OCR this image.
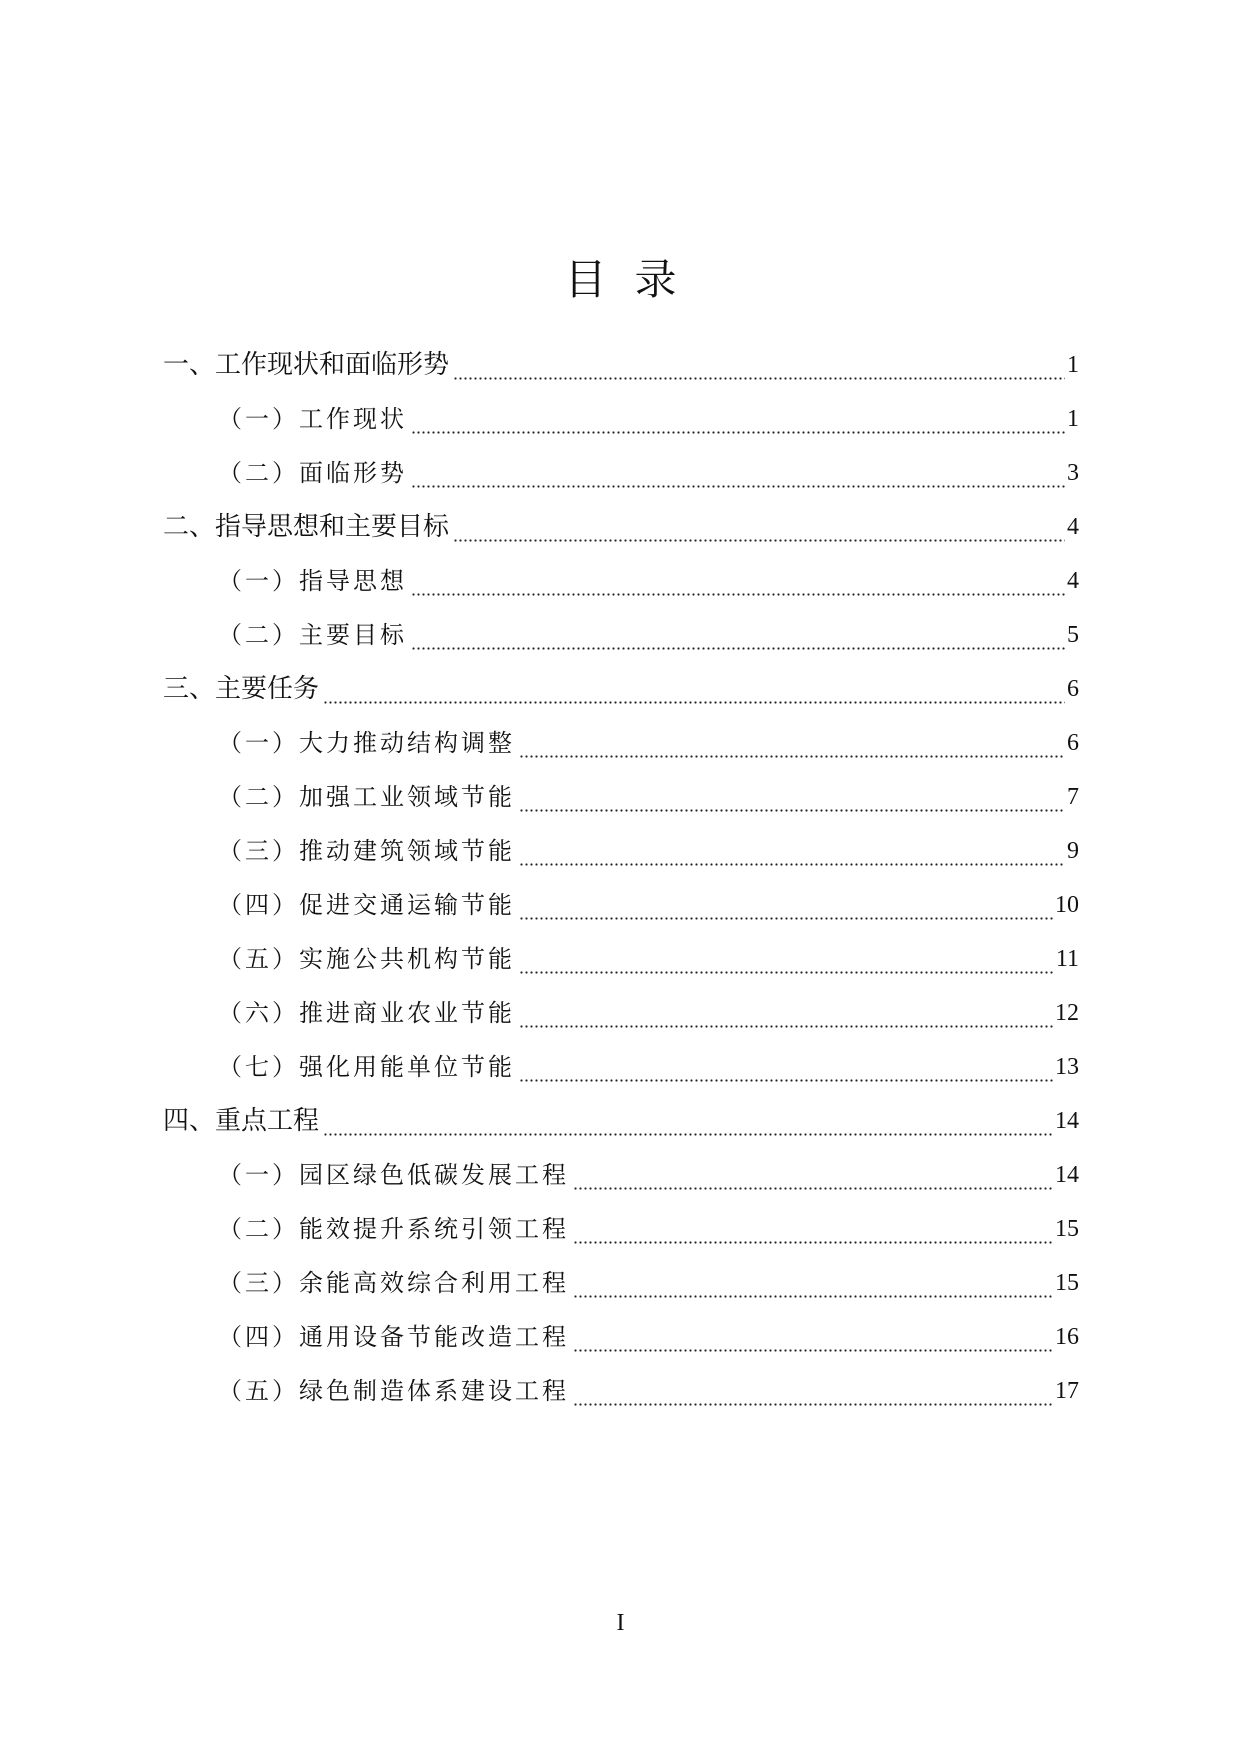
目录
一、工作现状和面临形势	1
（一）工作现状	1
（二）面临形势	3
二、指导思想和主要目标	4
（一）指导思想	4
（二）主要目标	5
三、主要任务	6
（一）大力推动结构调整	6
（二）加强工业领域节能	7
（三）推动建筑领域节能	9
（四）促进交通运输节能	10
（五）实施公共机构节能	11
（六）推进商业农业节能	12
（七）强化用能单位节能	13
四、重点工程	14
（一）园区绿色低碳发展工程	14
（二）能效提升系统引领工程	15
（三）余能高效综合利用工程	15
（四）通用设备节能改造工程	16
（五）绿色制造体系建设工程	17
I
